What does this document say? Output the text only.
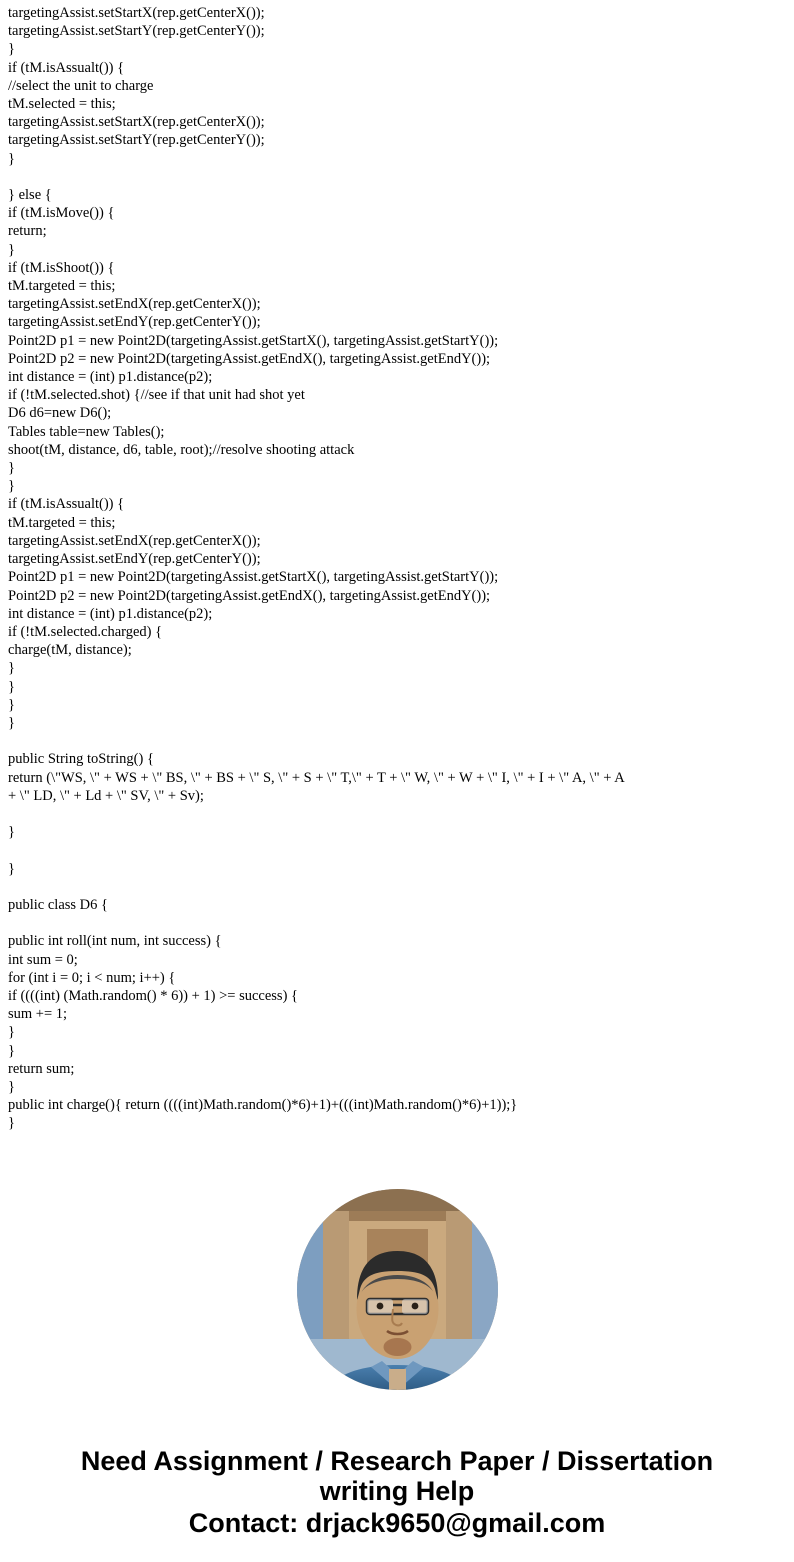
targetingAssist.setStartX(rep.getCenterX());
targetingAssist.setStartY(rep.getCenterY());
}
if (tM.isAssualt()) {
//select the unit to charge
tM.selected = this;
targetingAssist.setStartX(rep.getCenterX());
targetingAssist.setStartY(rep.getCenterY());
}

} else {
if (tM.isMove()) {
return;
}
if (tM.isShoot()) {
tM.targeted = this;
targetingAssist.setEndX(rep.getCenterX());
targetingAssist.setEndY(rep.getCenterY());
Point2D p1 = new Point2D(targetingAssist.getStartX(), targetingAssist.getStartY());
Point2D p2 = new Point2D(targetingAssist.getEndX(), targetingAssist.getEndY());
int distance = (int) p1.distance(p2);
if (!tM.selected.shot) {//see if that unit had shot yet
D6 d6=new D6();
Tables table=new Tables();
shoot(tM, distance, d6, table, root);//resolve shooting attack
}
}
if (tM.isAssualt()) {
tM.targeted = this;
targetingAssist.setEndX(rep.getCenterX());
targetingAssist.setEndY(rep.getCenterY());
Point2D p1 = new Point2D(targetingAssist.getStartX(), targetingAssist.getStartY());
Point2D p2 = new Point2D(targetingAssist.getEndX(), targetingAssist.getEndY());
int distance = (int) p1.distance(p2);
if (!tM.selected.charged) {
charge(tM, distance);
}
}
}
}

public String toString() {
return (\"WS, \" + WS + \" BS, \" + BS + \" S, \" + S + \" T,\" + T + \" W, \" + W + \" I, \" + I + \" A, \" + A
+ \" LD, \" + Ld + \" SV, \" + Sv);

}

}

public class D6 {

public int roll(int num, int success) {
int sum = 0;
for (int i = 0; i < num; i++) {
if ((((int) (Math.random() * 6)) + 1) >= success) {
sum += 1;
}
}
return sum;
}
public int charge(){ return ((((int)Math.random()*6)+1)+(((int)Math.random()*6)+1));}
}
Need Assignment / Research Paper / Dissertation
writing Help
Contact: drjack9650@gmail.com
